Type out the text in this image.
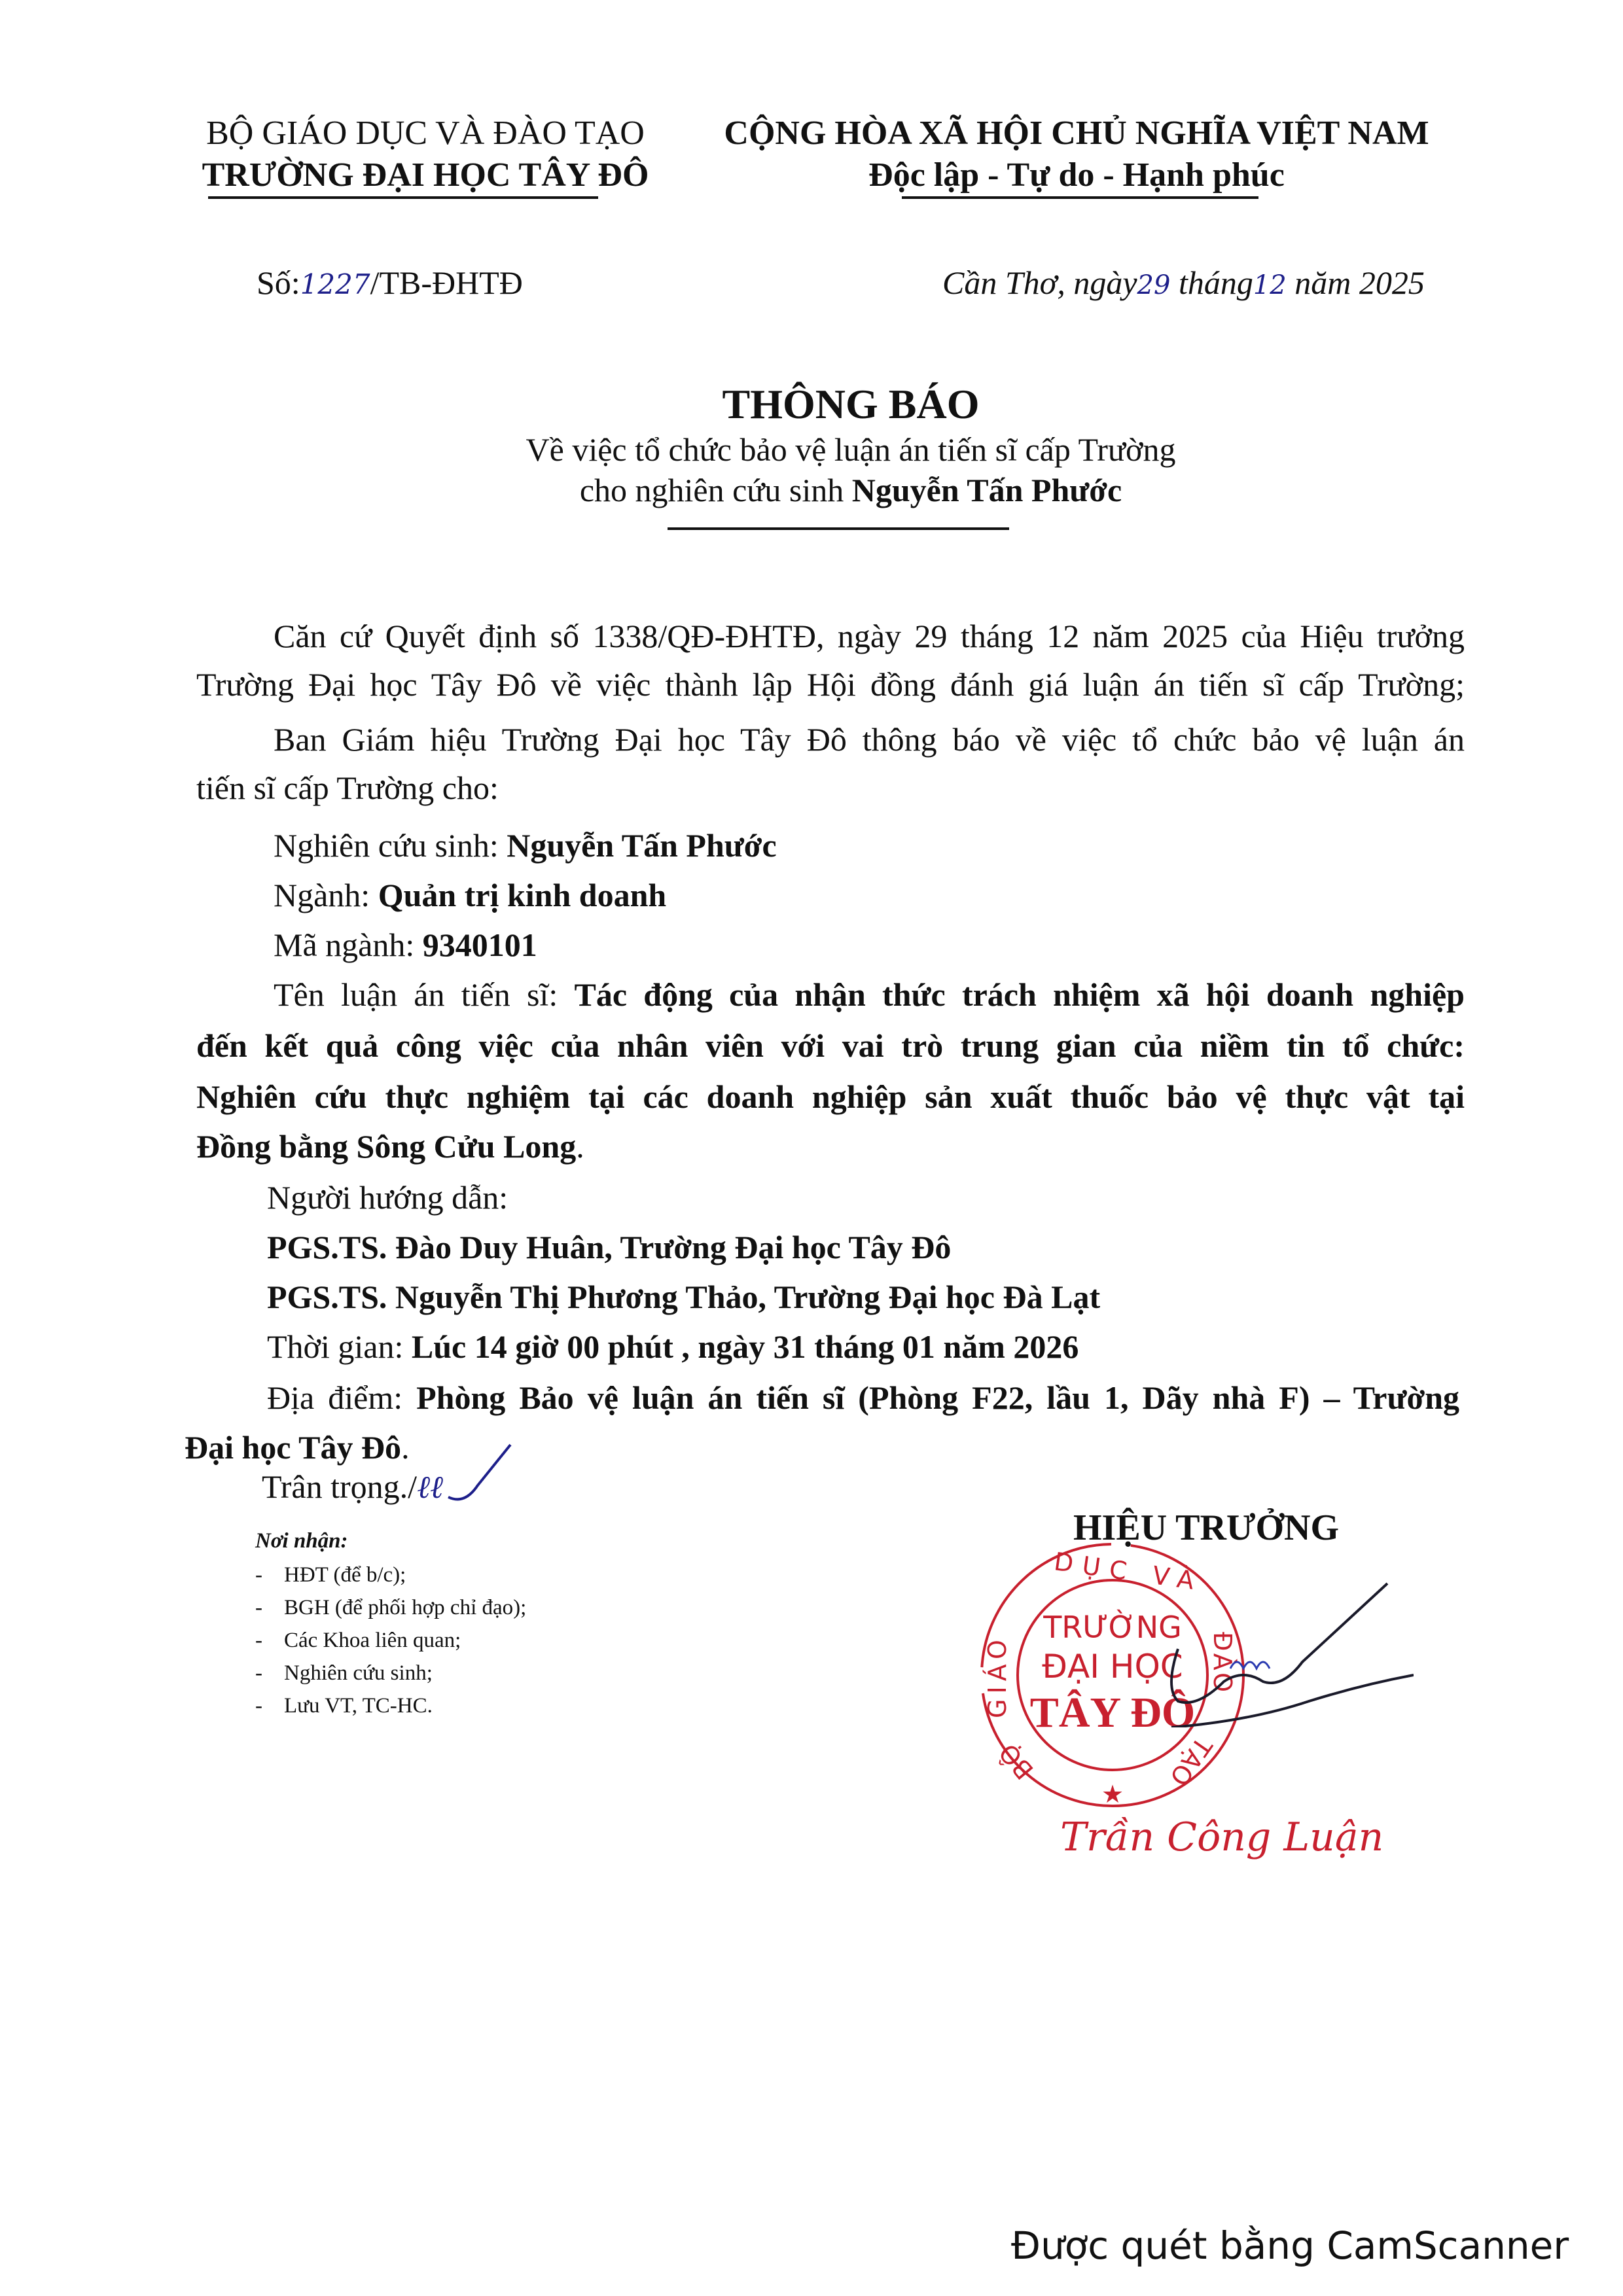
BỘ GIÁO DỤC VÀ ĐÀO TẠO
TRƯỜNG ĐẠI HỌC TÂY ĐÔ
CỘNG HÒA XÃ HỘI CHỦ NGHĨA VIỆT NAM
Độc lập - Tự do - Hạnh phúc
Số:1227/TB-ĐHTĐ	Cần Thơ, ngày29 tháng12 năm 2025
THÔNG BÁO
Về việc tổ chức bảo vệ luận án tiến sĩ cấp Trường
cho nghiên cứu sinh Nguyễn Tấn Phước
Căn cứ Quyết định số 1338/QĐ-ĐHTĐ, ngày 29 tháng 12 năm 2025 của Hiệu trưởng
Trường Đại học Tây Đô về việc thành lập Hội đồng đánh giá luận án tiến sĩ cấp Trường;
Ban Giám hiệu Trường Đại học Tây Đô thông báo về việc tổ chức bảo vệ luận án
tiến sĩ cấp Trường cho:
Nghiên cứu sinh: Nguyễn Tấn Phước
Ngành: Quản trị kinh doanh
Mã ngành: 9340101
Tên luận án tiến sĩ: Tác động của nhận thức trách nhiệm xã hội doanh nghiệp
đến kết quả công việc của nhân viên với vai trò trung gian của niềm tin tổ chức:
Nghiên cứu thực nghiệm tại các doanh nghiệp sản xuất thuốc bảo vệ thực vật tại
Đồng bằng Sông Cửu Long.
Người hướng dẫn:
PGS.TS. Đào Duy Huân, Trường Đại học Tây Đô
PGS.TS. Nguyễn Thị Phương Thảo, Trường Đại học Đà Lạt
Thời gian: Lúc 14 giờ 00 phút , ngày 31 tháng 01 năm 2026
Địa điểm: Phòng Bảo vệ luận án tiến sĩ (Phòng F22, lầu 1, Dãy nhà F) – Trường
Đại học Tây Đô.
Trân trọng./ℓℓ
Nơi nhận:
- HĐT (để b/c);
- BGH (để phối hợp chỉ đạo);
- Các Khoa liên quan;
- Nghiên cứu sinh;
- Lưu VT, TC-HC.
HIỆU TRƯỞNG
DỤC VÀ
GIÁO
BỘ
ĐÀO
TẠO
TRƯỜNG
ĐẠI HỌC
TÂY ĐÔ
★
Trần Công Luận
Được quét bằng CamScanner
